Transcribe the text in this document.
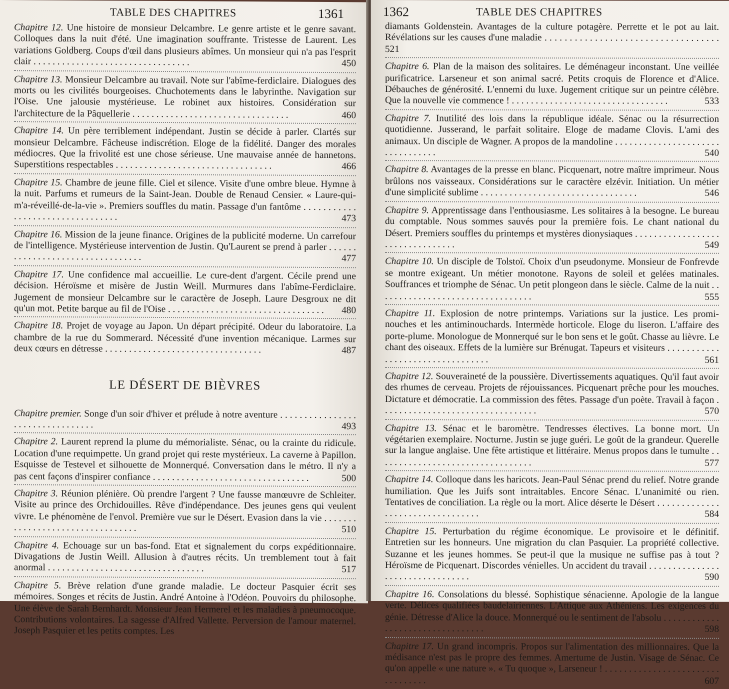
TABLE DES CHAPITRES	1361
Chapitre 12. Une histoire de monsieur Delcambre. Le genre artiste et le genre savant. Colloques dans la nuit d'été. Une imagination souffrante. Tristesse de Laurent. Les variations Goldberg. Coups d'œil dans plusieurs abîmes. Un monsieur qui n'a pas l'esprit clair . . . . . . . . . . . . . . . . . . . . . . . . . . . . . . . . .	450
Chapitre 13. Monsieur Delcambre au travail. Note sur l'abîme-ferdiclaire. Dialogues des morts ou les civilités bourgeoises. Chuchotements dans le labyrinthe. Navigation sur l'Oise. Une jalousie mystérieuse. Le robinet aux histoires. Considération sur l'architecture de la Pâquellerie . . . . . . . . . . . . . . . . . . . . . . . . . . . . . . . . .	460
Chapitre 14. Un père terriblement indépendant. Justin se décide à parler. Clartés sur monsieur Delcambre. Fâcheuse indiscrétion. Eloge de la fidélité. Danger des morales médiocres. Que la frivolité est une chose sérieuse. Une mauvaise année de hannetons. Superstitions respectables . . . . . . . . . . . . . . . . . . . . . . . . . . . . . . . . .	466
Chapitre 15. Chambre de jeune fille. Ciel et silence. Visite d'une ombre bleue. Hymne à la nuit. Parfums et rumeurs de la Saint-Jean. Double de Renaud Censier. « Laure-qui-m'a-réveillé-de-la-vie ». Premiers souffles du matin. Passage d'un fantôme . . . . . . . . . . . . . . . . . . . . . . . . . . . . . . . . .	473
Chapitre 16. Mission de la jeune finance. Origines de la publicité moderne. Un carrefour de l'intelligence. Mystérieuse intervention de Justin. Qu'Laurent se prend à parler . . . . . . . . . . . . . . . . . . . . . . . . . . . . . . . . .	477
Chapitre 17. Une confidence mal accueillie. Le cure-dent d'argent. Cécile prend une décision. Héroïsme et misère de Justin Weill. Murmures dans l'abîme-Ferdiclaire. Jugement de monsieur Delcambre sur le caractère de Joseph. Laure Desgroux ne dit qu'un mot. Petite barque au fil de l'Oise . . . . . . . . . . . . . . . . . . . . . . . . . . . . . . . . . 480
Chapitre 18. Projet de voyage au Japon. Un départ précipité. Odeur du laboratoire. La chambre de la rue du Sommerard. Nécessité d'une invention mécanique. Larmes sur deux cœurs en détresse . . . . . . . . . . . . . . . . . . . . . . . . . . . . . . . . .	487
LE DÉSERT DE BIÈVRES
Chapitre premier. Songe d'un soir d'hiver et prélude à notre aventure . . . . . . . . . . . . . . . . . . . . . . . . . . . . . . . . .	493
Chapitre 2. Laurent reprend la plume du mémorialiste. Sénac, ou la crainte du ridicule. Location d'une requimpette. Un grand projet qui reste mystérieux. La caverne à Papillon. Esquisse de Testevel et silhouette de Monnerqué. Conversation dans le métro. Il n'y a pas cent façons d'inspirer confiance . . . . . . . . . . . . . . . . . . . . . . . . . . . . . . . . .	500
Chapitre 3. Réunion plénière. Où prendre l'argent ? Une fausse manœuvre de Schleiter. Visite au prince des Orchidouilles. Rêve d'indépendance. Des jeunes gens qui veulent vivre. Le phénomène de l'envol. Première vue sur le Désert. Evasion dans la vie . . . . . . . . . . . . . . . . . . . . . . . . . . . . . . . . .	510
Chapitre 4. Echouage sur un bas-fond. Etat et signalement du corps expéditionnaire. Divagations de Justin Weill. Allusion à d'autres récits. Un tremblement tout à fait anormal . . . . . . . . . . . . . . . . . . . . . . . . . . . . . . . . .	517
Chapitre 5. Brève relation d'une grande maladie. Le docteur Pasquier écrit ses mémoires. Songes et récits de Justin. André Antoine à l'Odéon. Pouvoirs du philosophe. Une élève de Sarah Bernhardt. Monsieur Jean Hermerel et les maladies à pneumocoque. Contributions volontaires. La sagesse d'Alfred Vallette. Perversion de l'amour maternel. Joseph Pasquier et les petits comptes. Les
1362	TABLE DES CHAPITRES
diamants Goldenstein. Avantages de la culture potagère. Perrette et le pot au lait. Révélations sur les causes d'une maladie . . . . . . . . . . . . . . . . . . . . . . . . . . . . . . . . . . . 521
Chapitre 6. Plan de la maison des solitaires. Le déménageur inconstant. Une veillée purificatrice. Larseneur et son animal sacré. Petits croquis de Florence et d'Alice. Débauches de générosité. L'ennemi du luxe. Jugement critique sur un peintre célèbre. Que la nouvelle vie commence ! . . . . . . . . . . . . . . . . . . . . . . . . . . . . . . . . .	533
Chapitre 7. Inutilité des lois dans la république idéale. Sénac ou la résurrection quotidienne. Jusserand, le parfait solitaire. Eloge de madame Clovis. L'ami des animaux. Un disciple de Wagner. A propos de la mandoline . . . . . . . . . . . . . . . . . . . . . . . . . . . . . . . . .	540
Chapitre 8. Avantages de la presse en blanc. Picquenart, notre maître imprimeur. Nous brûlons nos vaisseaux. Considérations sur le caractère elzévir. Initiation. Un métier d'une simplicité sublime . . . . . . . . . . . . . . . . . . . . . . . . . . . . . . . . .	546
Chapitre 9. Apprentissage dans l'enthousiasme. Les solitaires à la besogne. Le bureau du comptable. Nous sommes sauvés pour la première fois. Le chant national du Désert. Premiers souffles du printemps et mystères dionysiaques . . . . . . . . . . . . . . . . . . . . . . . . . . . . . . . . .	549
Chapitre 10. Un disciple de Tolstoï. Choix d'un pseudonyme. Monsieur de Fonfrevde se montre exigeant. Un métier monotone. Rayons de soleil et gelées matinales. Souffrances et triomphe de Sénac. Un petit plongeon dans le siècle. Calme de la nuit . . . . . . . . . . . . . . . . . . . . . . . . . . . . . . . . .	555
Chapitre 11. Explosion de notre printemps. Variations sur la justice. Les promi-nouches et les antiminouchards. Intermède horticole. Eloge du liseron. L'affaire des porte-plume. Monologue de Monnerqué sur le bon sens et le goût. Chasse au lièvre. Le chant des oiseaux. Effets de la lumière sur Brénugat. Tapeurs et visiteurs . . . . . . . . . . . . . . . . . . . . . . . . . . . . . . . . .	561
Chapitre 12. Souveraineté de la poussière. Divertissements aquatiques. Qu'il faut avoir des rhumes de cerveau. Projets de réjouissances. Picquenart prêche pour les mouches. Dictature et démocratie. La commission des fêtes. Passage d'un poète. Travail à façon . . . . . . . . . . . . . . . . . . . . . . . . . . . . . . . . .	570
Chapitre 13. Sénac et le baromètre. Tendresses électives. La bonne mort. Un végétarien exemplaire. Nocturne. Justin se juge guéri. Le goût de la grandeur. Querelle sur la langue anglaise. Une fête artistique et littéraire. Menus propos dans le tumulte . . . . . . . . . . . . . . . . . . . . . . . . . . . . . . . . .	577
Chapitre 14. Colloque dans les haricots. Jean-Paul Sénac prend du relief. Notre grande humiliation. Que les Juifs sont intraitables. Encore Sénac. L'unanimité ou rien. Tentatives de conciliation. La règle ou la mort. Alice déserte le Désert . . . . . . . . . . . . . . . . . . . . . . . . . . . . . . . . .	584
Chapitre 15. Perturbation du régime économique. Le provisoire et le définitif. Entretien sur les honneurs. Une migration du clan Pasquier. La propriété collective. Suzanne et les jeunes hommes. Se peut-il que la musique ne suffise pas à tout ? Héroïsme de Picquenart. Discordes vénielles. Un accident du travail . . . . . . . . . . . . . . . . . . . . . . . . . . . . . . . . .	590
Chapitre 16. Consolations du blessé. Sophistique sénacienne. Apologie de la langue verte. Délices qualifiées baudelairiennes. L'Attique aux Athéniens. Les exigences du génie. Détresse d'Alice la douce. Monnerqué ou le sentiment de l'absolu . . . . . . . . . . . . . . . . . . . . . . . . . . . . . . . . .	598
Chapitre 17. Un grand incompris. Propos sur l'alimentation des millionnaires. Que la médisance n'est pas le propre des femmes. Amertume de Justin. Visage de Sénac. Ce qu'on appelle « une nature ». « Tu quoque », Larseneur ! . . . . . . . . . . . . . . . . . . . . . . . . . . . . . . . . .	607
